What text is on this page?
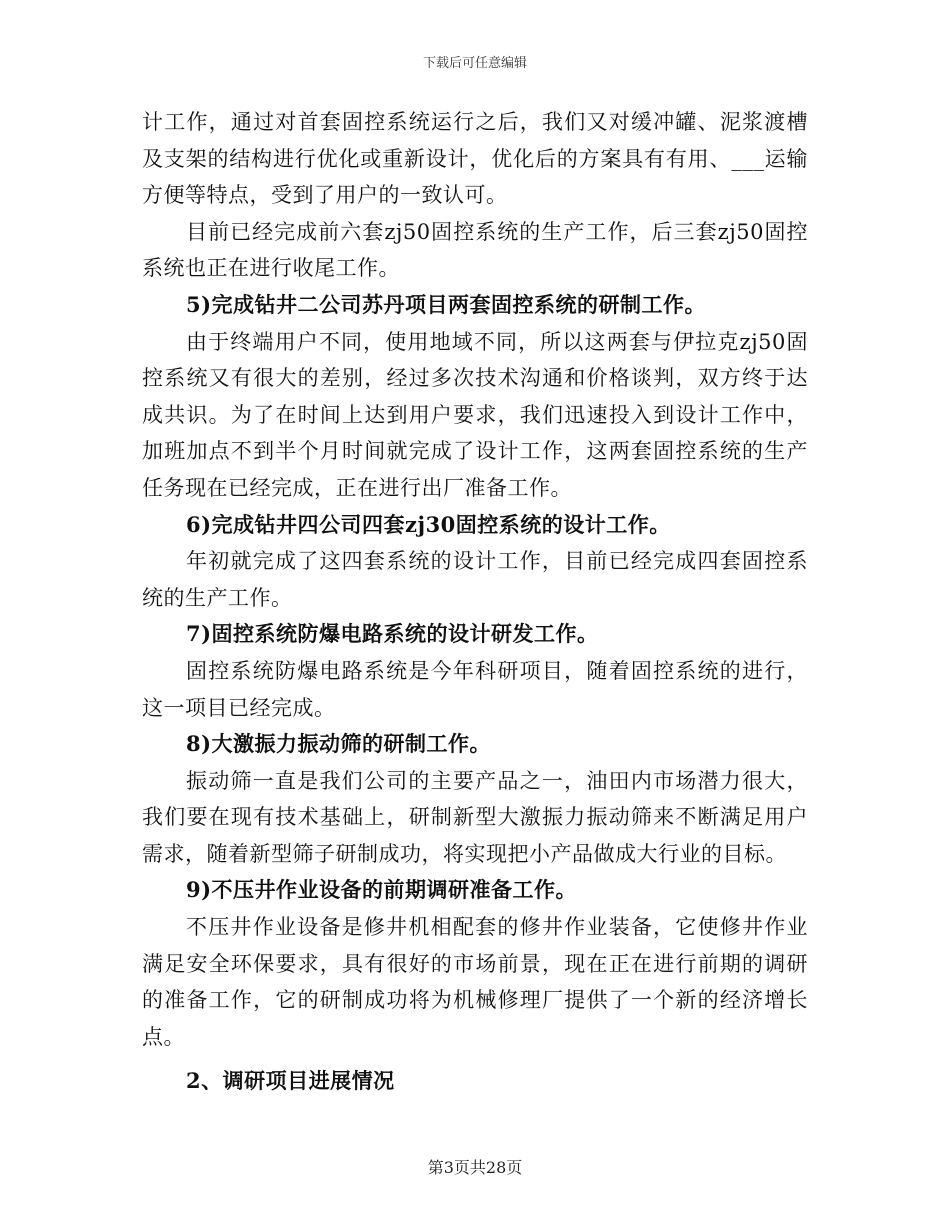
下载后可任意编辑

计工作，通过对首套固控系统运行之后，我们又对缓冲罐、泥浆渡槽及支架的结构进行优化或重新设计，优化后的方案具有有用、___运输方便等特点，受到了用户的一致认可。

目前已经完成前六套zj50固控系统的生产工作，后三套zj50固控系统也正在进行收尾工作。

5)完成钻井二公司苏丹项目两套固控系统的研制工作。

由于终端用户不同，使用地域不同，所以这两套与伊拉克zj50固控系统又有很大的差别，经过多次技术沟通和价格谈判，双方终于达成共识。为了在时间上达到用户要求，我们迅速投入到设计工作中，加班加点不到半个月时间就完成了设计工作，这两套固控系统的生产任务现在已经完成，正在进行出厂准备工作。

6)完成钻井四公司四套zj30固控系统的设计工作。

年初就完成了这四套系统的设计工作，目前已经完成四套固控系统的生产工作。

7)固控系统防爆电路系统的设计研发工作。

固控系统防爆电路系统是今年科研项目，随着固控系统的进行，这一项目已经完成。

8)大激振力振动筛的研制工作。

振动筛一直是我们公司的主要产品之一，油田内市场潜力很大，我们要在现有技术基础上，研制新型大激振力振动筛来不断满足用户需求，随着新型筛子研制成功，将实现把小产品做成大行业的目标。

9)不压井作业设备的前期调研准备工作。

不压井作业设备是修井机相配套的修井作业装备，它使修井作业满足安全环保要求，具有很好的市场前景，现在正在进行前期的调研的准备工作，它的研制成功将为机械修理厂提供了一个新的经济增长点。

2、调研项目进展情况

第3页共28页
